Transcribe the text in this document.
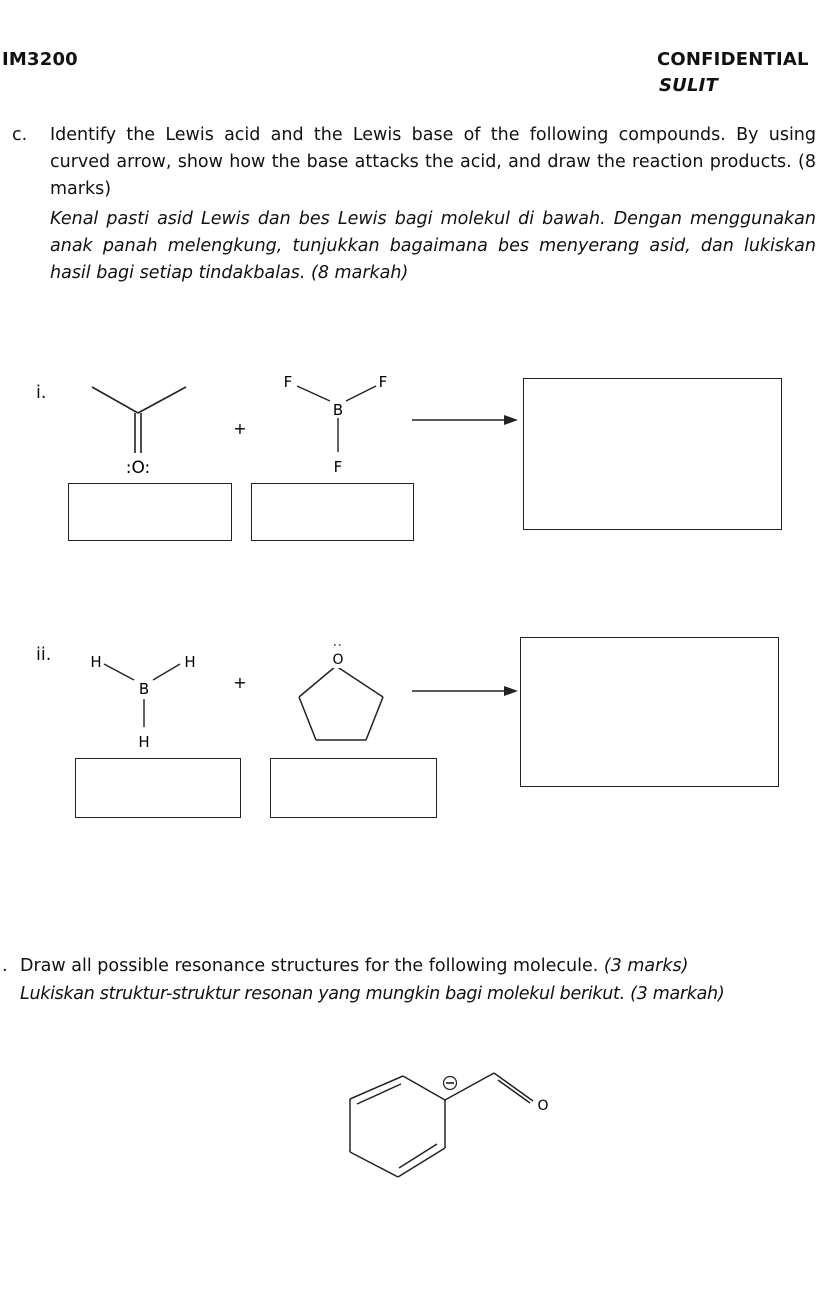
IM3200	CONFIDENTIAL
SULIT
c. Identify the Lewis acid and the Lewis base of the following compounds. By using curved arrow, show how the base attacks the acid, and draw the reaction products. (8 marks)
Kenal pasti asid Lewis dan bes Lewis bagi molekul di bawah. Dengan menggunakan anak panah melengkung, tunjukkan bagaimana bes menyerang asid, dan lukiskan hasil bagi setiap tindakbalas. (8 markah)
i.
:O:
+
F	F
B
F
H	H
B
H
+
O
:
O
ii.
. Draw all possible resonance structures for the following molecule. (3 marks)
Lukiskan struktur-struktur resonan yang mungkin bagi molekul berikut. (3 markah)
